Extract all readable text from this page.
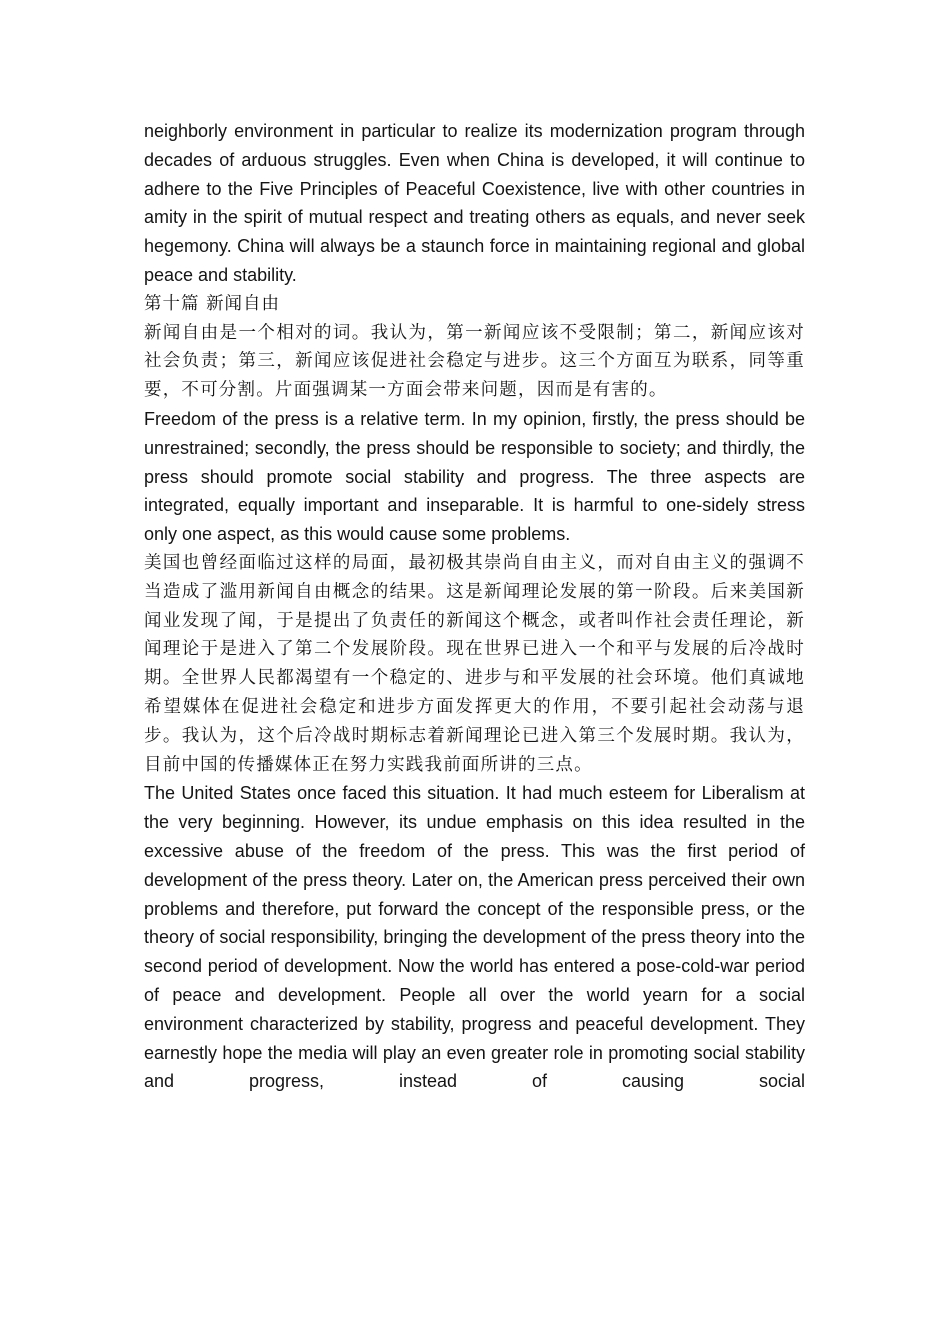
neighborly environment in particular to realize its modernization program through decades of arduous struggles. Even when China is developed, it will continue to adhere to the Five Principles of Peaceful Coexistence, live with other countries in amity in the spirit of mutual respect and treating others as equals, and never seek hegemony. China will always be a staunch force in maintaining regional and global peace and stability.

第十篇 新闻自由

新闻自由是一个相对的词。我认为，第一新闻应该不受限制；第二，新闻应该对社会负责；第三，新闻应该促进社会稳定与进步。这三个方面互为联系，同等重要，不可分割。片面强调某一方面会带来问题，因而是有害的。

Freedom of the press is a relative term. In my opinion, firstly, the press should be unrestrained; secondly, the press should be responsible to society; and thirdly, the press should promote social stability and progress. The three aspects are integrated, equally important and inseparable. It is harmful to one-sidely stress only one aspect, as this would cause some problems.

美国也曾经面临过这样的局面，最初极其崇尚自由主义，而对自由主义的强调不当造成了滥用新闻自由概念的结果。这是新闻理论发展的第一阶段。后来美国新闻业发现了闻，于是提出了负责任的新闻这个概念，或者叫作社会责任理论，新闻理论于是进入了第二个发展阶段。现在世界已进入一个和平与发展的后冷战时期。全世界人民都渴望有一个稳定的、进步与和平发展的社会环境。他们真诚地希望媒体在促进社会稳定和进步方面发挥更大的作用，不要引起社会动荡与退步。我认为，这个后冷战时期标志着新闻理论已进入第三个发展时期。我认为，目前中国的传播媒体正在努力实践我前面所讲的三点。

The United States once faced this situation. It had much esteem for Liberalism at the very beginning. However, its undue emphasis on this idea resulted in the excessive abuse of the freedom of the press. This was the first period of development of the press theory. Later on, the American press perceived their own problems and therefore, put forward the concept of the responsible press, or the theory of social responsibility, bringing the development of the press theory into the second period of development. Now the world has entered a pose-cold-war period of peace and development. People all over the world yearn for a social environment characterized by stability, progress and peaceful development. They earnestly hope the media will play an even greater role in promoting social stability and progress, instead of causing social
